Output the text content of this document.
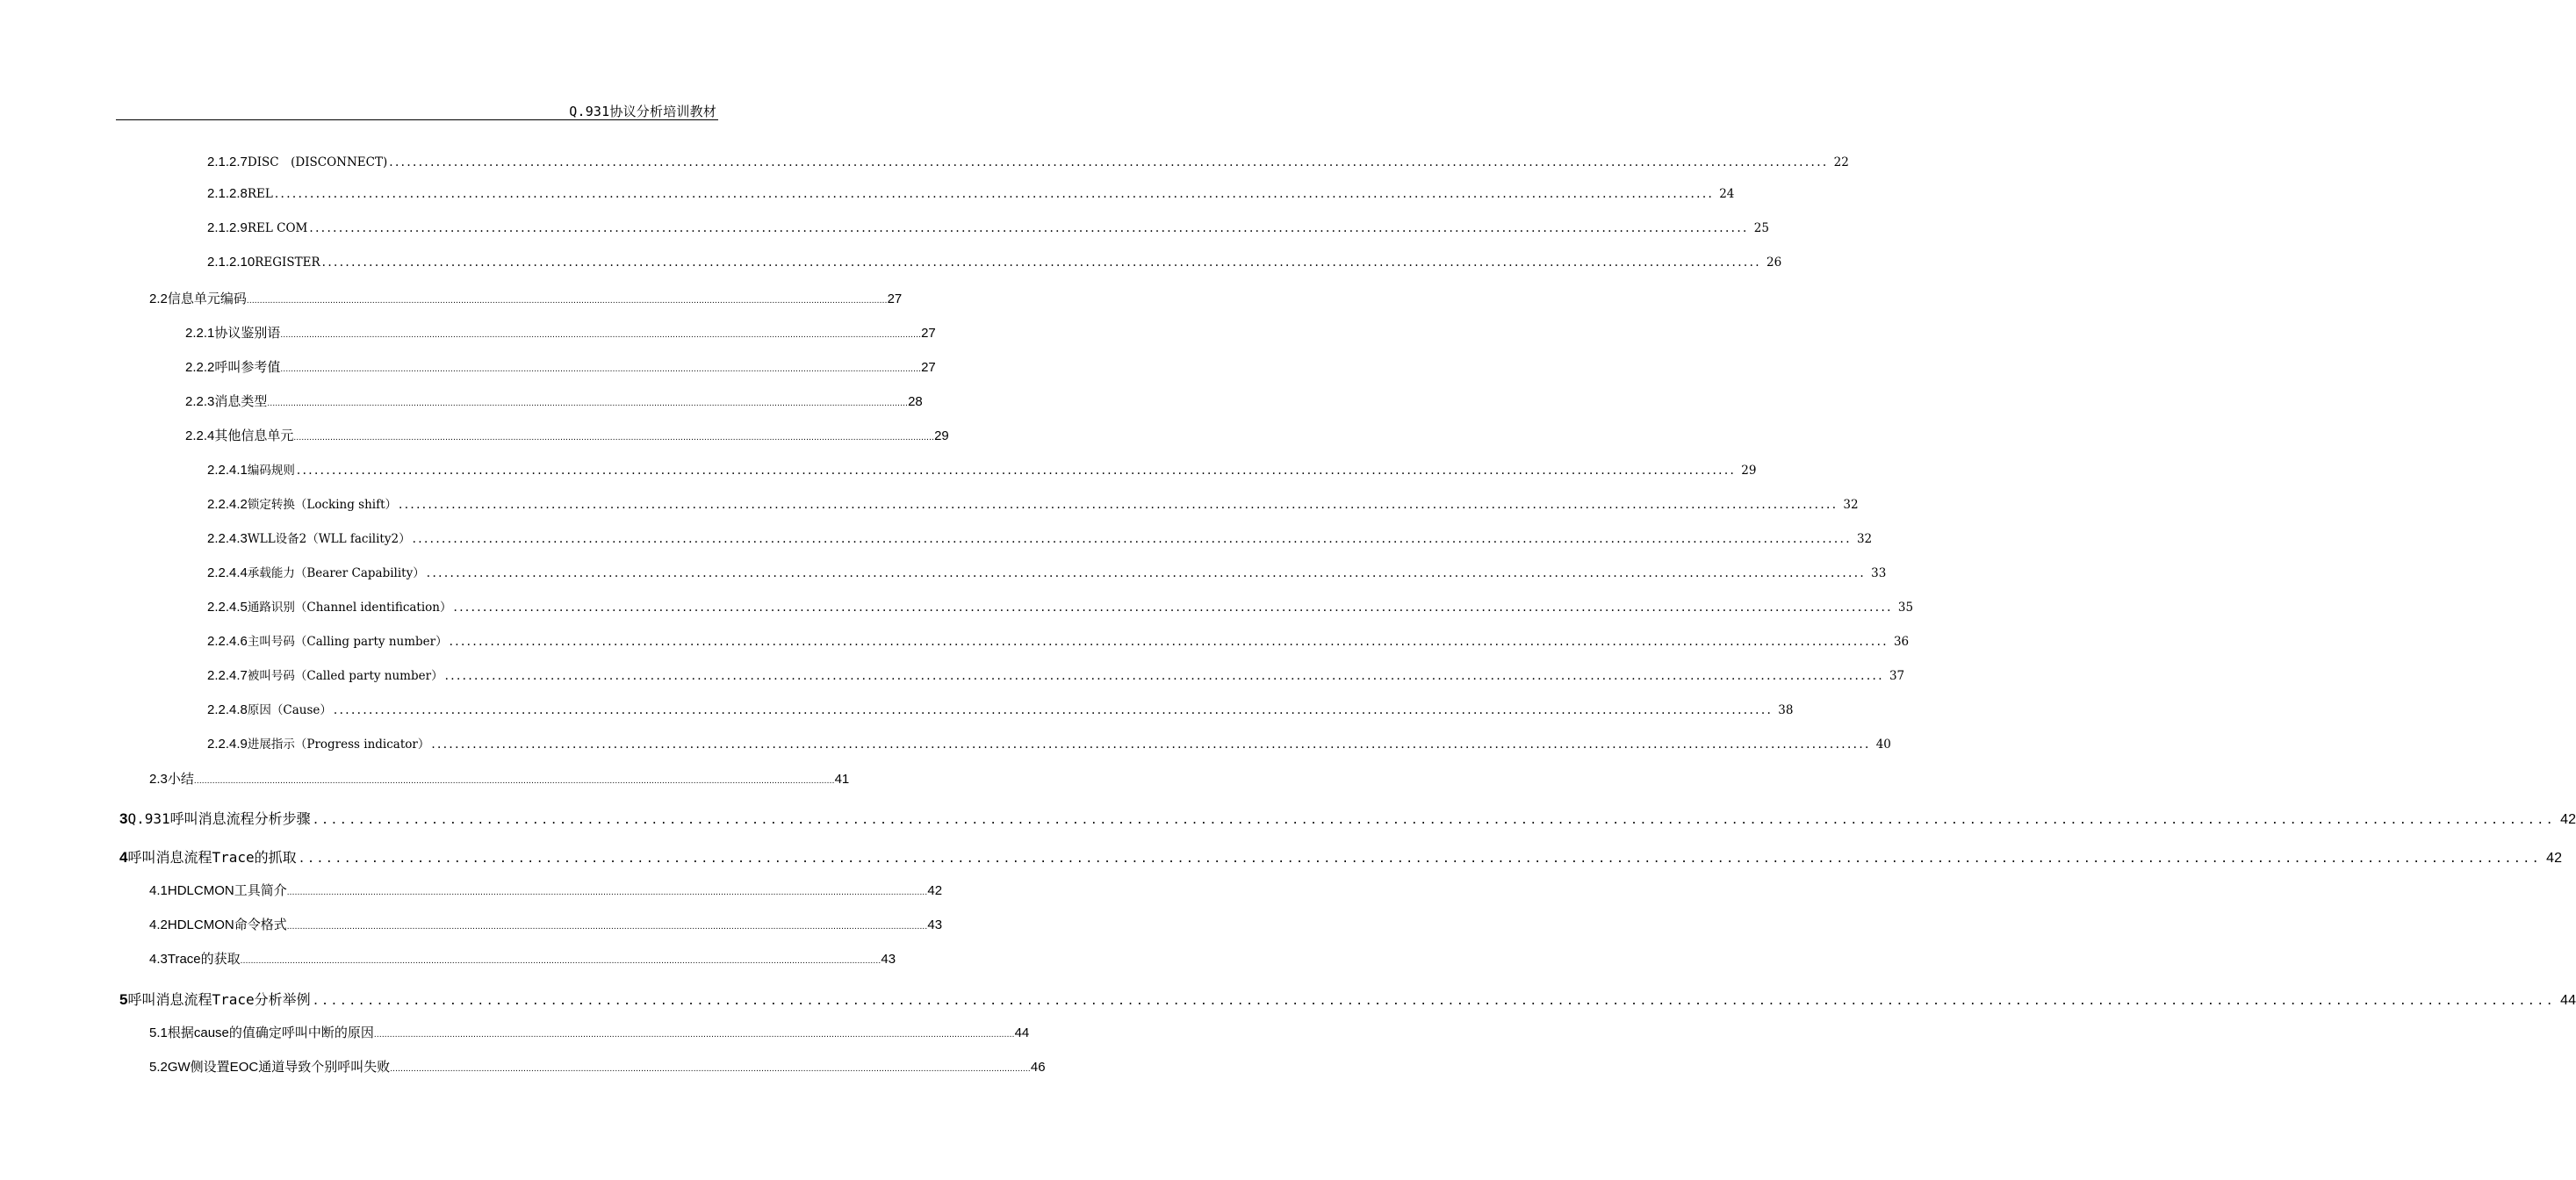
Q.931协议分析培训教材
2.1.2.7 DISC　(DISCONNECT) ..................................................................................................................................................................................................................................................... 22
2.1.2.8 REL ..................................................................................................................................................................................................................................................... 24
2.1.2.9 REL COM ..................................................................................................................................................................................................................................................... 25
2.1.2.10 REGISTER ..................................................................................................................................................................................................................................................... 26
2.2 信息单元编码 ..................................................................................................................................................................................................................................................... 27
2.2.1 协议鉴别语 ..................................................................................................................................................................................................................................................... 27
2.2.2 呼叫参考值 ..................................................................................................................................................................................................................................................... 27
2.2.3 消息类型 ..................................................................................................................................................................................................................................................... 28
2.2.4 其他信息单元 ..................................................................................................................................................................................................................................................... 29
2.2.4.1 编码规则 ..................................................................................................................................................................................................................................................... 29
2.2.4.2 锁定转换（Locking shift） ..................................................................................................................................................................................................................................................... 32
2.2.4.3 WLL设备2（WLL facility2） ..................................................................................................................................................................................................................................................... 32
2.2.4.4 承载能力（Bearer Capability） ..................................................................................................................................................................................................................................................... 33
2.2.4.5 通路识别（Channel identification） ..................................................................................................................................................................................................................................................... 35
2.2.4.6 主叫号码（Calling party number） ..................................................................................................................................................................................................................................................... 36
2.2.4.7 被叫号码（Called party number） ..................................................................................................................................................................................................................................................... 37
2.2.4.8 原因（Cause） ..................................................................................................................................................................................................................................................... 38
2.2.4.9 进展指示（Progress indicator） ..................................................................................................................................................................................................................................................... 40
2.3 小结 ..................................................................................................................................................................................................................................................... 41
3 Q.931呼叫消息流程分析步骤 ..................................................................................................................................................................................................................................................... 42
4 呼叫消息流程Trace的抓取 ..................................................................................................................................................................................................................................................... 42
4.1 HDLCMON工具简介 ..................................................................................................................................................................................................................................................... 42
4.2 HDLCMON命令格式 ..................................................................................................................................................................................................................................................... 43
4.3 Trace的获取 ..................................................................................................................................................................................................................................................... 43
5 呼叫消息流程Trace分析举例 ..................................................................................................................................................................................................................................................... 44
5.1 根据cause的值确定呼叫中断的原因 ..................................................................................................................................................................................................................................................... 44
5.2 GW侧设置EOC通道导致个别呼叫失败 ..................................................................................................................................................................................................................................................... 46
